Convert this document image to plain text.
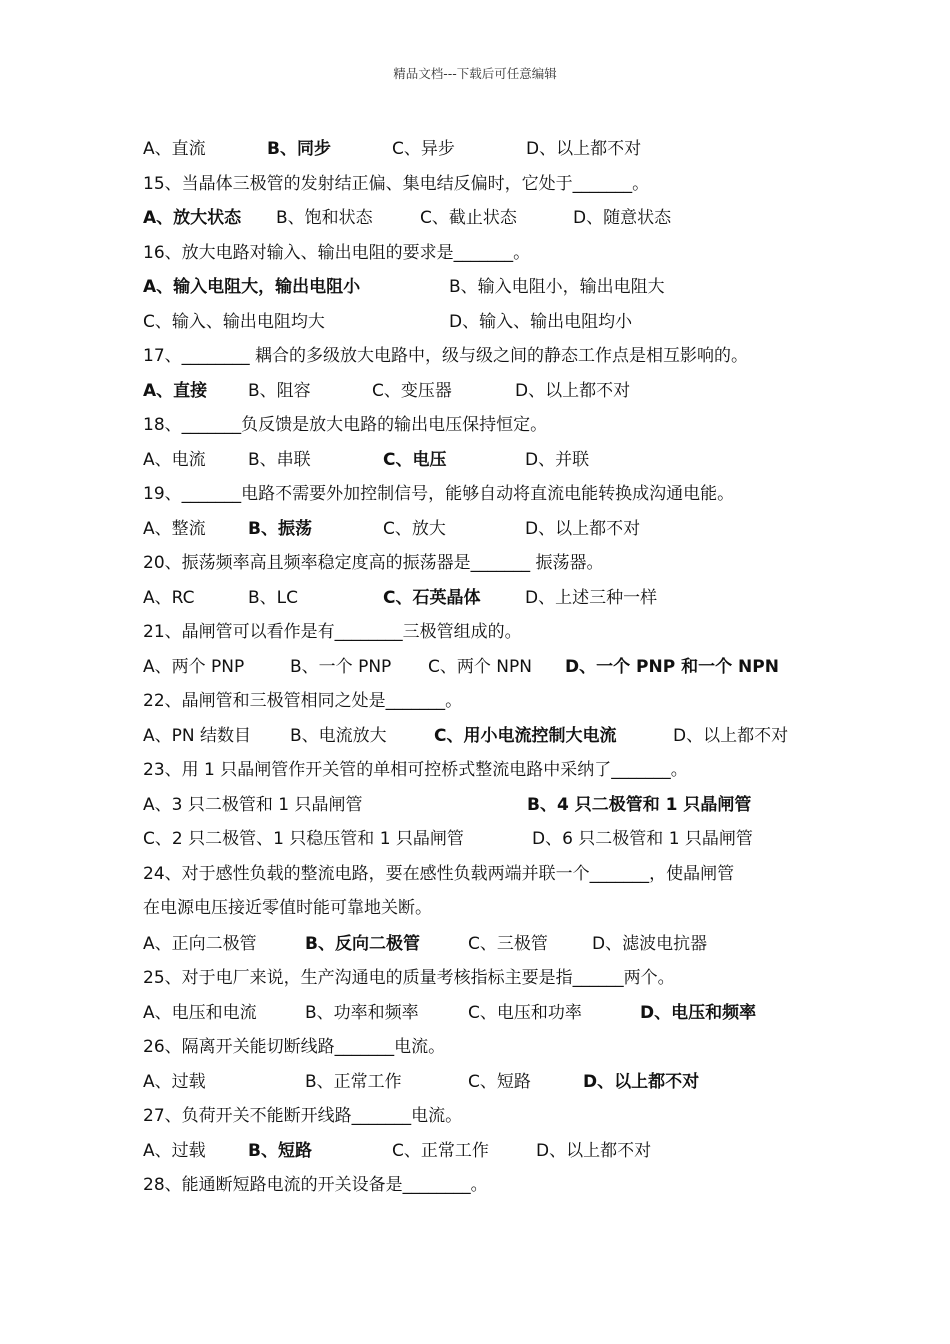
精品文档---下载后可任意编辑
A、直流	B、同步	C、异步	D、以上都不对
15、当晶体三极管的发射结正偏、集电结反偏时，它处于_______。
A、放大状态 B、饱和状态	C、截止状态	D、随意状态
16、放大电路对输入、输出电阻的要求是_______。
A、输入电阻大，输出电阻小	B、输入电阻小，输出电阻大
C、输入、输出电阻均大	D、输入、输出电阻均小
17、________ 耦合的多级放大电路中，级与级之间的静态工作点是相互影响的。
A、直接 B、阻容	C、变压器	D、以上都不对
18、_______负反馈是放大电路的输出电压保持恒定。
A、电流 B、串联	C、电压	D、并联
19、_______电路不需要外加控制信号，能够自动将直流电能转换成沟通电能。
A、整流 B、振荡	C、放大	D、以上都不对
20、振荡频率高且频率稳定度高的振荡器是_______ 振荡器。
A、RC	B、LC	C、石英晶体	D、上述三种一样
21、晶闸管可以看作是有________三极管组成的。
A、两个 PNP	B、一个 PNP C、两个 NPN D、一个 PNP 和一个 NPN
22、晶闸管和三极管相同之处是_______。
A、PN 结数目 B、电流放大	C、用小电流控制大电流	D、以上都不对
23、用 1 只晶闸管作开关管的单相可控桥式整流电路中采纳了_______。
A、3 只二极管和 1 只晶闸管	B、4 只二极管和 1 只晶闸管
C、2 只二极管、1 只稳压管和 1 只晶闸管	D、6 只二极管和 1 只晶闸管
24、对于感性负载的整流电路，要在感性负载两端并联一个_______，使晶闸管
在电源电压接近零值时能可靠地关断。
A、正向二极管	B、反向二极管	C、三极管	D、滤波电抗器
25、对于电厂来说，生产沟通电的质量考核指标主要是指______两个。
A、电压和电流	B、功率和频率	C、电压和功率	D、电压和频率
26、隔离开关能切断线路_______电流。
A、过载	B、正常工作	C、短路	D、以上都不对
27、负荷开关不能断开线路_______电流。
A、过载 B、短路	C、正常工作	D、以上都不对
28、能通断短路电流的开关设备是________。
